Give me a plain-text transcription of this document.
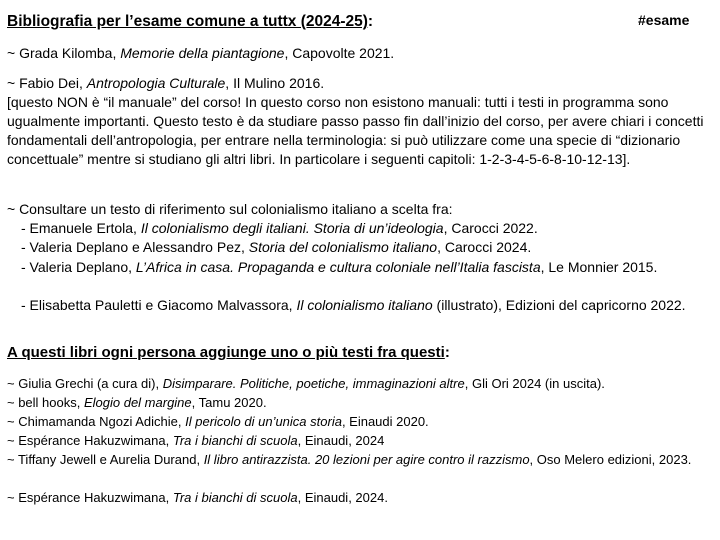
#esame
Bibliografia per l’esame comune a tuttx (2024-25):
~ Grada Kilomba, Memorie della piantagione, Capovolte 2021.
~ Fabio Dei, Antropologia Culturale, Il Mulino 2016.
[questo NON è “il manuale” del corso! In questo corso non esistono manuali: tutti i testi in programma sono ugualmente importanti. Questo testo è da studiare passo passo fin dall’inizio del corso, per avere chiari i concetti fondamentali dell’antropologia, per entrare nella terminologia: si può utilizzare come una specie di “dizionario concettuale” mentre si studiano gli altri libri. In particolare i seguenti capitoli: 1-2-3-4-5-6-8-10-12-13].
~ Consultare un testo di riferimento sul colonialismo italiano a scelta fra:
- Emanuele Ertola, Il colonialismo degli italiani. Storia di un’ideologia, Carocci 2022.
- Valeria Deplano e Alessandro Pez, Storia del colonialismo italiano, Carocci 2024.
- Valeria Deplano, L’Africa in casa. Propaganda e cultura coloniale nell’Italia fascista, Le Monnier 2015.
- Elisabetta Pauletti e Giacomo Malvassora, Il colonialismo italiano (illustrato), Edizioni del capricorno 2022.
A questi libri ogni persona aggiunge uno o più testi fra questi:
~ Giulia Grechi (a cura di), Disimparare. Politiche, poetiche, immaginazioni altre, Gli Ori 2024 (in uscita).
~ bell hooks, Elogio del margine, Tamu 2020.
~ Chimamanda Ngozi Adichie, Il pericolo di un’unica storia, Einaudi 2020.
~ Espérance Hakuzwimana, Tra i bianchi di scuola, Einaudi, 2024
~ Tiffany Jewell e Aurelia Durand, Il libro antirazzista. 20 lezioni per agire contro il razzismo, Oso Melero edizioni, 2023.
~ Espérance Hakuzwimana, Tra i bianchi di scuola, Einaudi, 2024.
